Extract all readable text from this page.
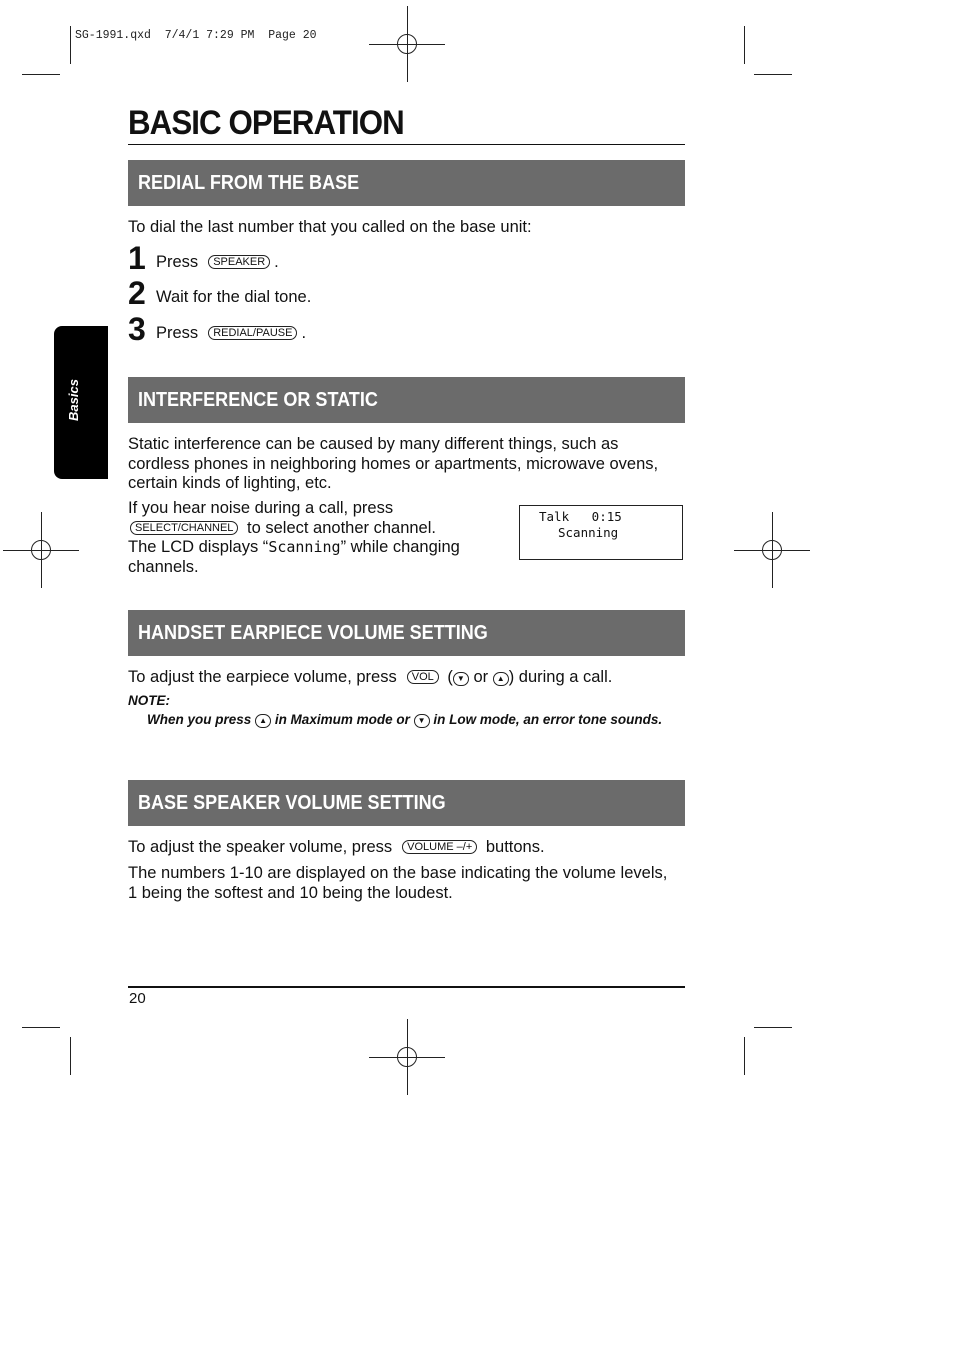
SG-1991.qxd  7/4/1 7:29 PM  Page 20
Basics
BASIC OPERATION
REDIAL FROM THE BASE
To dial the last number that you called on the base unit:
1 Press SPEAKER .
2 Wait for the dial tone.
3 Press REDIAL/PAUSE .
INTERFERENCE OR STATIC
Static interference can be caused by many different things, such as cordless phones in neighboring homes or apartments, microwave ovens, certain kinds of lighting, etc.
If you hear noise during a call, press
SELECT/CHANNEL to select another channel.
The LCD displays “Scanning” while changing channels.
Talk   0:15
Scanning
HANDSET EARPIECE VOLUME SETTING
To adjust the earpiece volume, press VOL ( ▼ or ▲ ) during a call.
NOTE:
When you press ▲ in Maximum mode or ▼ in Low mode, an error tone sounds.
BASE SPEAKER VOLUME SETTING
To adjust the speaker volume, press VOLUME –/+ buttons.
The numbers 1-10 are displayed on the base indicating the volume levels, 1 being the softest and 10 being the loudest.
20
